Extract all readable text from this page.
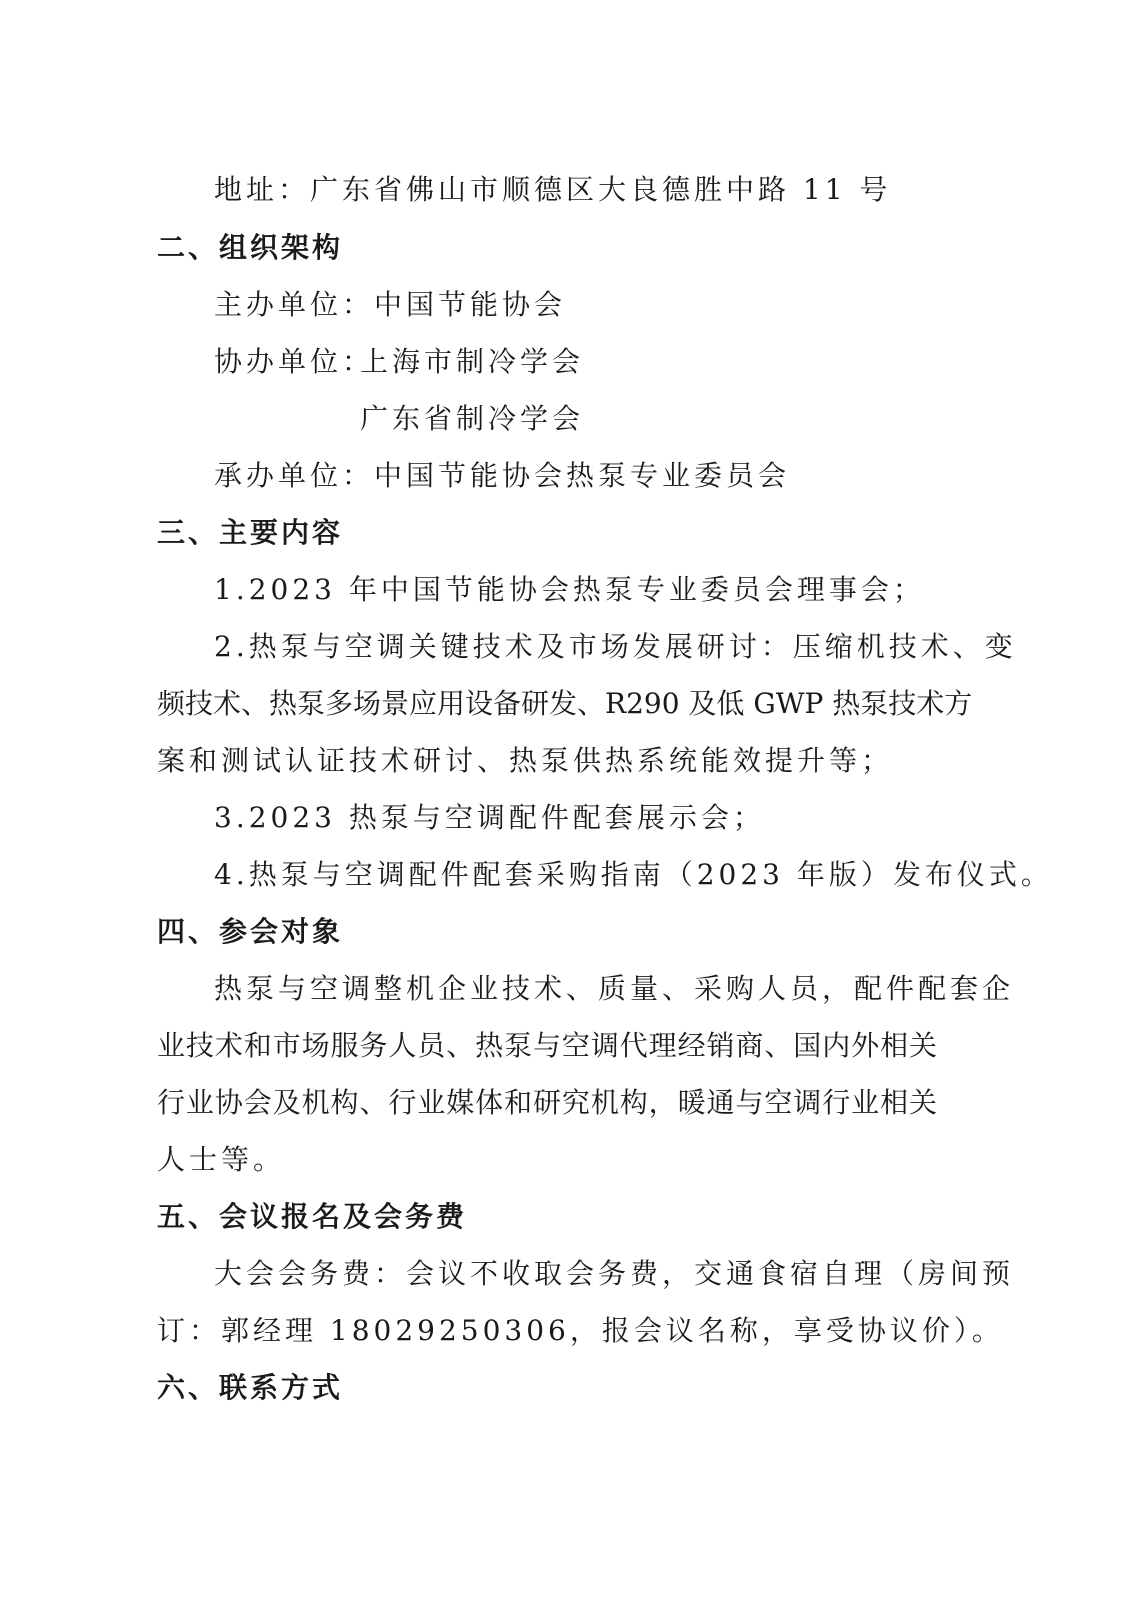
地址：广东省佛山市顺德区大良德胜中路 11 号
二、组织架构
主办单位：中国节能协会
协办单位：
上海市制冷学会
广东省制冷学会
承办单位：中国节能协会热泵专业委员会
三、主要内容
1.2023 年中国节能协会热泵专业委员会理事会；
2.热泵与空调关键技术及市场发展研讨：压缩机技术、变
频技术、热泵多场景应用设备研发、R290 及低 GWP 热泵技术方
案和测试认证技术研讨、热泵供热系统能效提升等；
3.2023 热泵与空调配件配套展示会；
4.热泵与空调配件配套采购指南（2023 年版）发布仪式。
四、参会对象
热泵与空调整机企业技术、质量、采购人员，配件配套企
业技术和市场服务人员、热泵与空调代理经销商、国内外相关
行业协会及机构、行业媒体和研究机构，暖通与空调行业相关
人士等。
五、会议报名及会务费
大会会务费：会议不收取会务费，交通食宿自理（房间预
订：郭经理 18029250306，报会议名称，享受协议价）。
六、联系方式
